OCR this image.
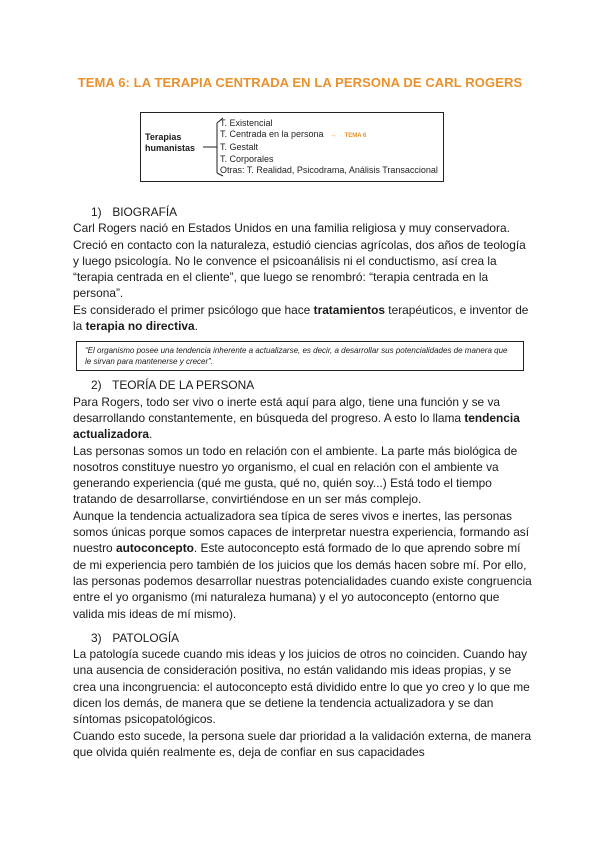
TEMA 6: LA TERAPIA CENTRADA EN LA PERSONA DE CARL ROGERS
Terapias
humanistas
T. Existencial
T. Centrada en la persona → TEMA 6
T. Gestalt
T. Corporales
Otras: T. Realidad, Psicodrama, Análisis Transaccional

1) BIOGRAFÍA

Carl Rogers nació en Estados Unidos en una familia religiosa y muy conservadora. Creció en contacto con la naturaleza, estudió ciencias agrícolas, dos años de teología y luego psicología. No le convence el psicoanálisis ni el conductismo, así crea la “terapia centrada en el cliente”, que luego se renombró: “terapia centrada en la persona”.

Es considerado el primer psicólogo que hace tratamientos terapéuticos, e inventor de la terapia no directiva.

“El organismo posee una tendencia inherente a actualizarse, es decir, a desarrollar sus potencialidades de manera que le sirvan para mantenerse y crecer”.

2) TEORÍA DE LA PERSONA

Para Rogers, todo ser vivo o inerte está aquí para algo, tiene una función y se va desarrollando constantemente, en búsqueda del progreso. A esto lo llama tendencia actualizadora.

Las personas somos un todo en relación con el ambiente. La parte más biológica de nosotros constituye nuestro yo organismo, el cual en relación con el ambiente va generando experiencia (qué me gusta, qué no, quién soy...) Está todo el tiempo tratando de desarrollarse, convirtiéndose en un ser más complejo.

Aunque la tendencia actualizadora sea típica de seres vivos e inertes, las personas somos únicas porque somos capaces de interpretar nuestra experiencia, formando así nuestro autoconcepto. Este autoconcepto está formado de lo que aprendo sobre mí de mi experiencia pero también de los juicios que los demás hacen sobre mí. Por ello, las personas podemos desarrollar nuestras potencialidades cuando existe congruencia entre el yo organismo (mi naturaleza humana) y el yo autoconcepto (entorno que valida mis ideas de mí mismo).

3) PATOLOGÍA

La patología sucede cuando mis ideas y los juicios de otros no coinciden. Cuando hay una ausencia de consideración positiva, no están validando mis ideas propias, y se crea una incongruencia: el autoconcepto está dividido entre lo que yo creo y lo que me dicen los demás, de manera que se detiene la tendencia actualizadora y se dan síntomas psicopatológicos.

Cuando esto sucede, la persona suele dar prioridad a la validación externa, de manera que olvida quién realmente es, deja de confiar en sus capacidades
